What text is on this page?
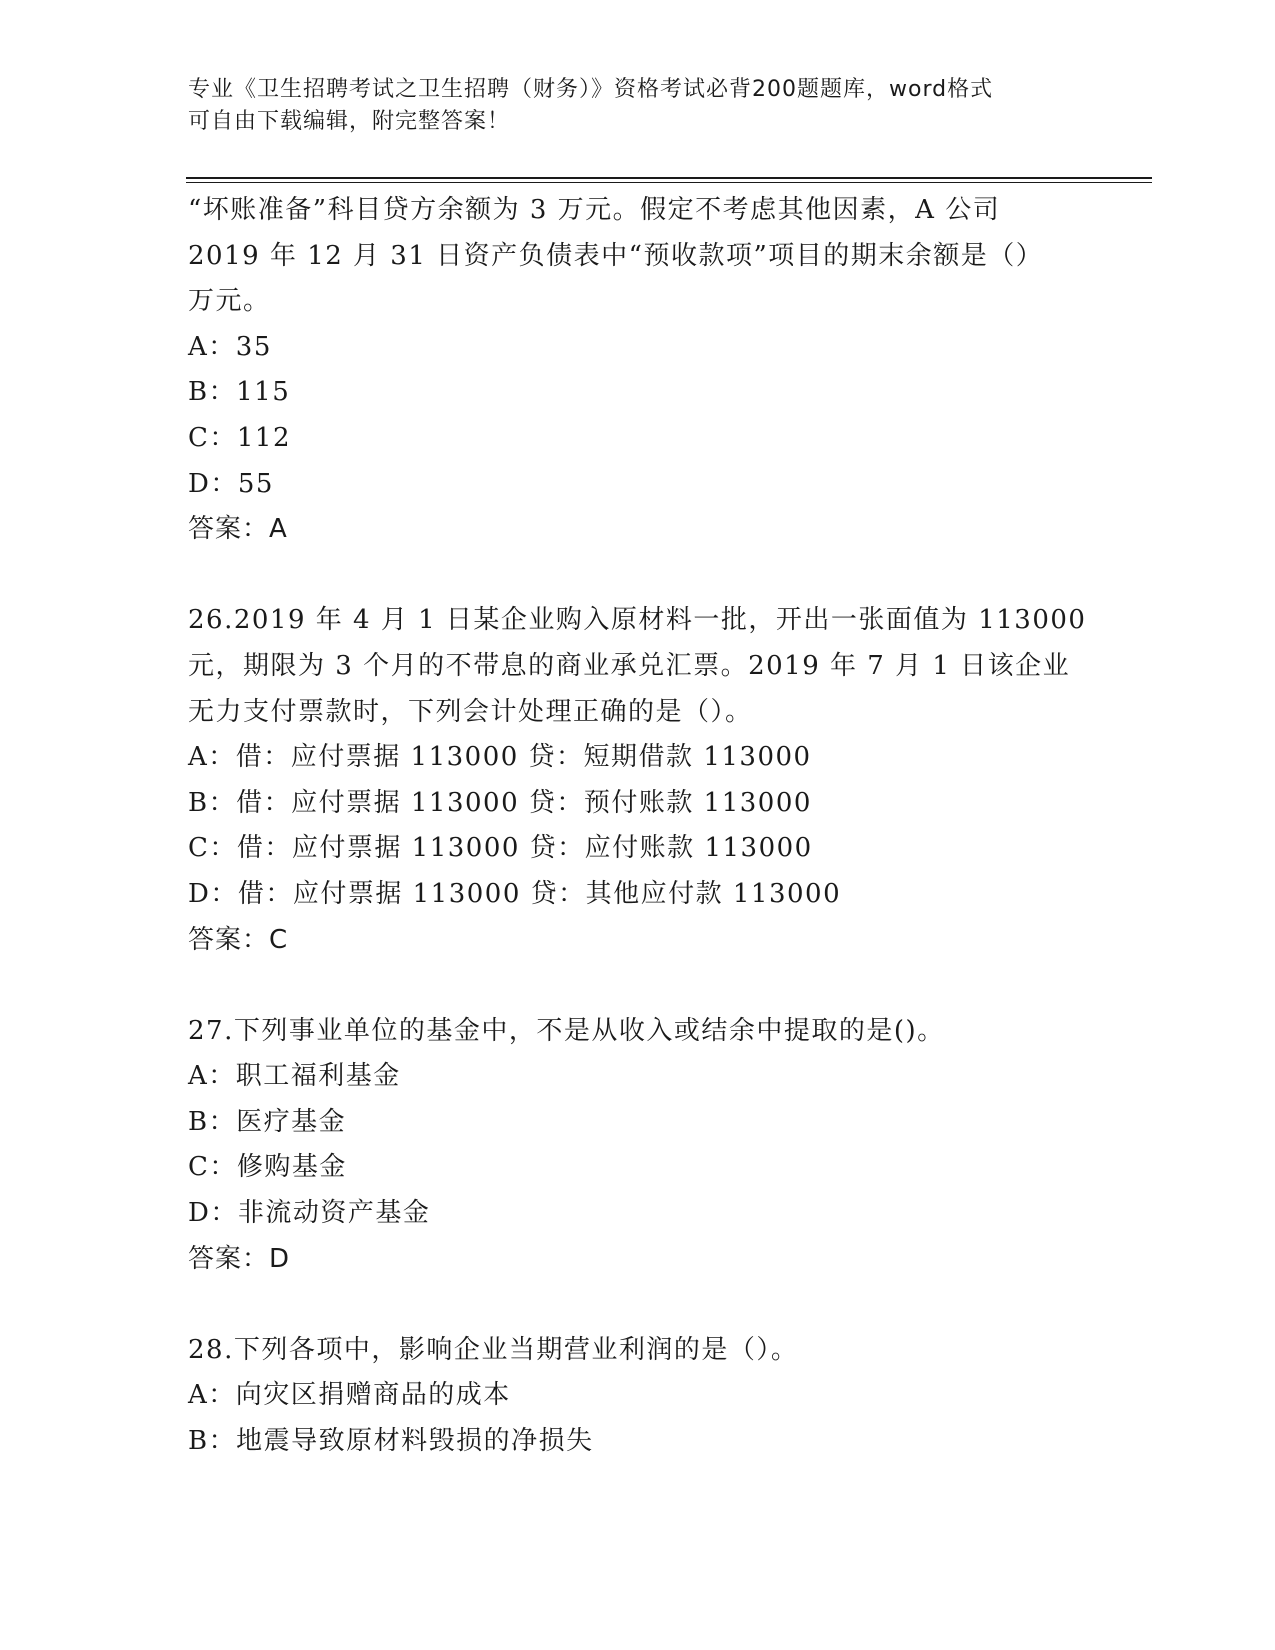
专业《卫生招聘考试之卫生招聘（财务）》资格考试必背200题题库，word格式
可自由下载编辑，附完整答案！
“坏账准备”科目贷方余额为 3 万元。假定不考虑其他因素，A 公司
2019 年 12 月 31 日资产负债表中“预收款项”项目的期末余额是（）
万元。
A：35
B：115
C：112
D：55
答案：A
26.2019 年 4 月 1 日某企业购入原材料一批，开出一张面值为 113000
元，期限为 3 个月的不带息的商业承兑汇票。2019 年 7 月 1 日该企业
无力支付票款时，下列会计处理正确的是（）。
A：借：应付票据 113000 贷：短期借款 113000
B：借：应付票据 113000 贷：预付账款 113000
C：借：应付票据 113000 贷：应付账款 113000
D：借：应付票据 113000 贷：其他应付款 113000
答案：C
27.下列事业单位的基金中，不是从收入或结余中提取的是()。
A：职工福利基金
B：医疗基金
C：修购基金
D：非流动资产基金
答案：D
28.下列各项中，影响企业当期营业利润的是（）。
A：向灾区捐赠商品的成本
B：地震导致原材料毁损的净损失
